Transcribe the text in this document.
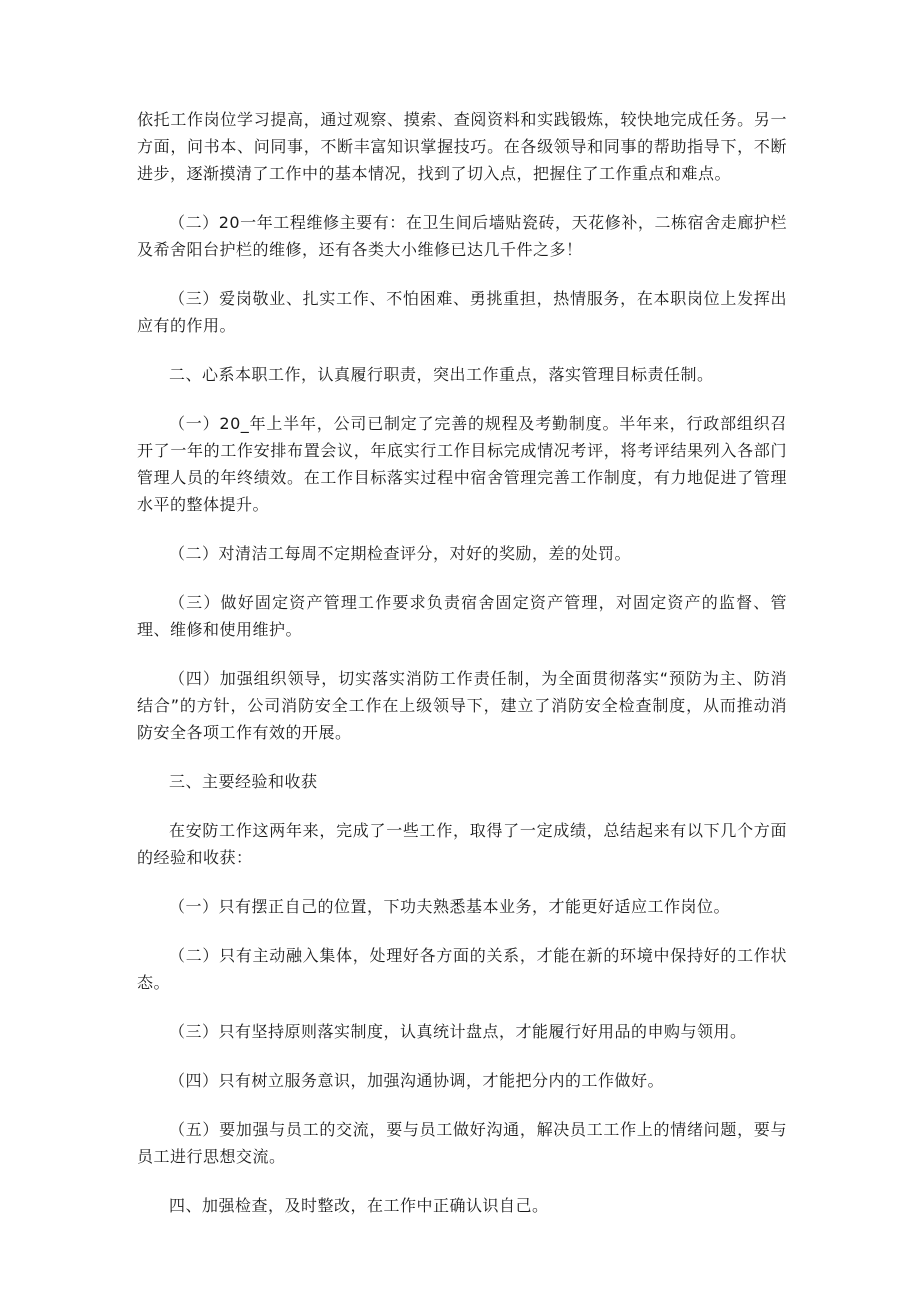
依托工作岗位学习提高，通过观察、摸索、查阅资料和实践锻炼，较快地完成任务。另一方面，问书本、问同事，不断丰富知识掌握技巧。在各级领导和同事的帮助指导下，不断进步，逐渐摸清了工作中的基本情况，找到了切入点，把握住了工作重点和难点。

（二）20一年工程维修主要有：在卫生间后墙贴瓷砖，天花修补，二栋宿舍走廊护栏及希舍阳台护栏的维修，还有各类大小维修已达几千件之多！

（三）爱岗敬业、扎实工作、不怕困难、勇挑重担，热情服务，在本职岗位上发挥出应有的作用。

二、心系本职工作，认真履行职责，突出工作重点，落实管理目标责任制。

（一）20_年上半年，公司已制定了完善的规程及考勤制度。半年来，行政部组织召开了一年的工作安排布置会议，年底实行工作目标完成情况考评，将考评结果列入各部门管理人员的年终绩效。在工作目标落实过程中宿舍管理完善工作制度，有力地促进了管理水平的整体提升。

（二）对清洁工每周不定期检查评分，对好的奖励，差的处罚。

（三）做好固定资产管理工作要求负责宿舍固定资产管理，对固定资产的监督、管理、维修和使用维护。

（四）加强组织领导，切实落实消防工作责任制，为全面贯彻落实“预防为主、防消结合”的方针，公司消防安全工作在上级领导下，建立了消防安全检查制度，从而推动消防安全各项工作有效的开展。

三、主要经验和收获

在安防工作这两年来，完成了一些工作，取得了一定成绩，总结起来有以下几个方面的经验和收获：

（一）只有摆正自己的位置，下功夫熟悉基本业务，才能更好适应工作岗位。

（二）只有主动融入集体，处理好各方面的关系，才能在新的环境中保持好的工作状态。

（三）只有坚持原则落实制度，认真统计盘点，才能履行好用品的申购与领用。

（四）只有树立服务意识，加强沟通协调，才能把分内的工作做好。

（五）要加强与员工的交流，要与员工做好沟通，解决员工工作上的情绪问题，要与员工进行思想交流。

四、加强检查，及时整改，在工作中正确认识自己。
